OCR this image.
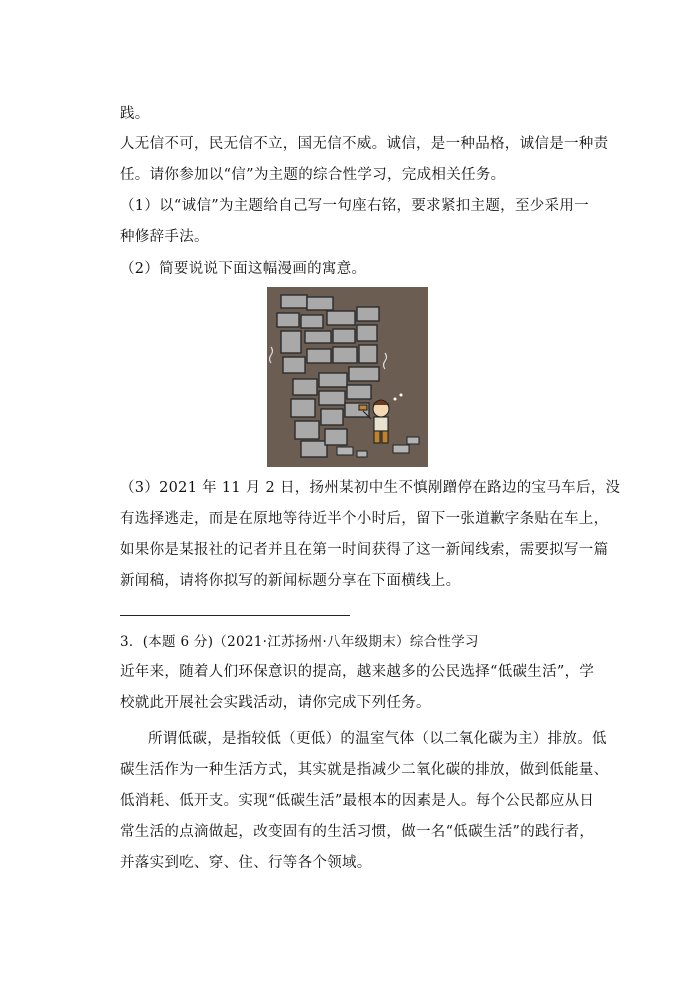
践。
人无信不可，民无信不立，国无信不威。诚信，是一种品格，诚信是一种责
任。请你参加以“信”为主题的综合性学习，完成相关任务。
（1）以“诚信”为主题给自己写一句座右铭，要求紧扣主题，至少采用一
种修辞手法。
（2）简要说说下面这幅漫画的寓意。
（3）2021 年 11 月 2 日，扬州某初中生不慎剐蹭停在路边的宝马车后，没
有选择逃走，而是在原地等待近半个小时后，留下一张道歉字条贴在车上，
如果你是某报社的记者并且在第一时间获得了这一新闻线索，需要拟写一篇
新闻稿，请将你拟写的新闻标题分享在下面横线上。
3．(本题 6 分)（2021·江苏扬州·八年级期末）综合性学习
近年来，随着人们环保意识的提高，越来越多的公民选择“低碳生活”，学
校就此开展社会实践活动，请你完成下列任务。
所谓低碳，是指较低（更低）的温室气体（以二氧化碳为主）排放。低
碳生活作为一种生活方式，其实就是指减少二氧化碳的排放，做到低能量、
低消耗、低开支。实现“低碳生活”最根本的因素是人。每个公民都应从日
常生活的点滴做起，改变固有的生活习惯，做一名“低碳生活”的践行者，
并落实到吃、穿、住、行等各个领域。
